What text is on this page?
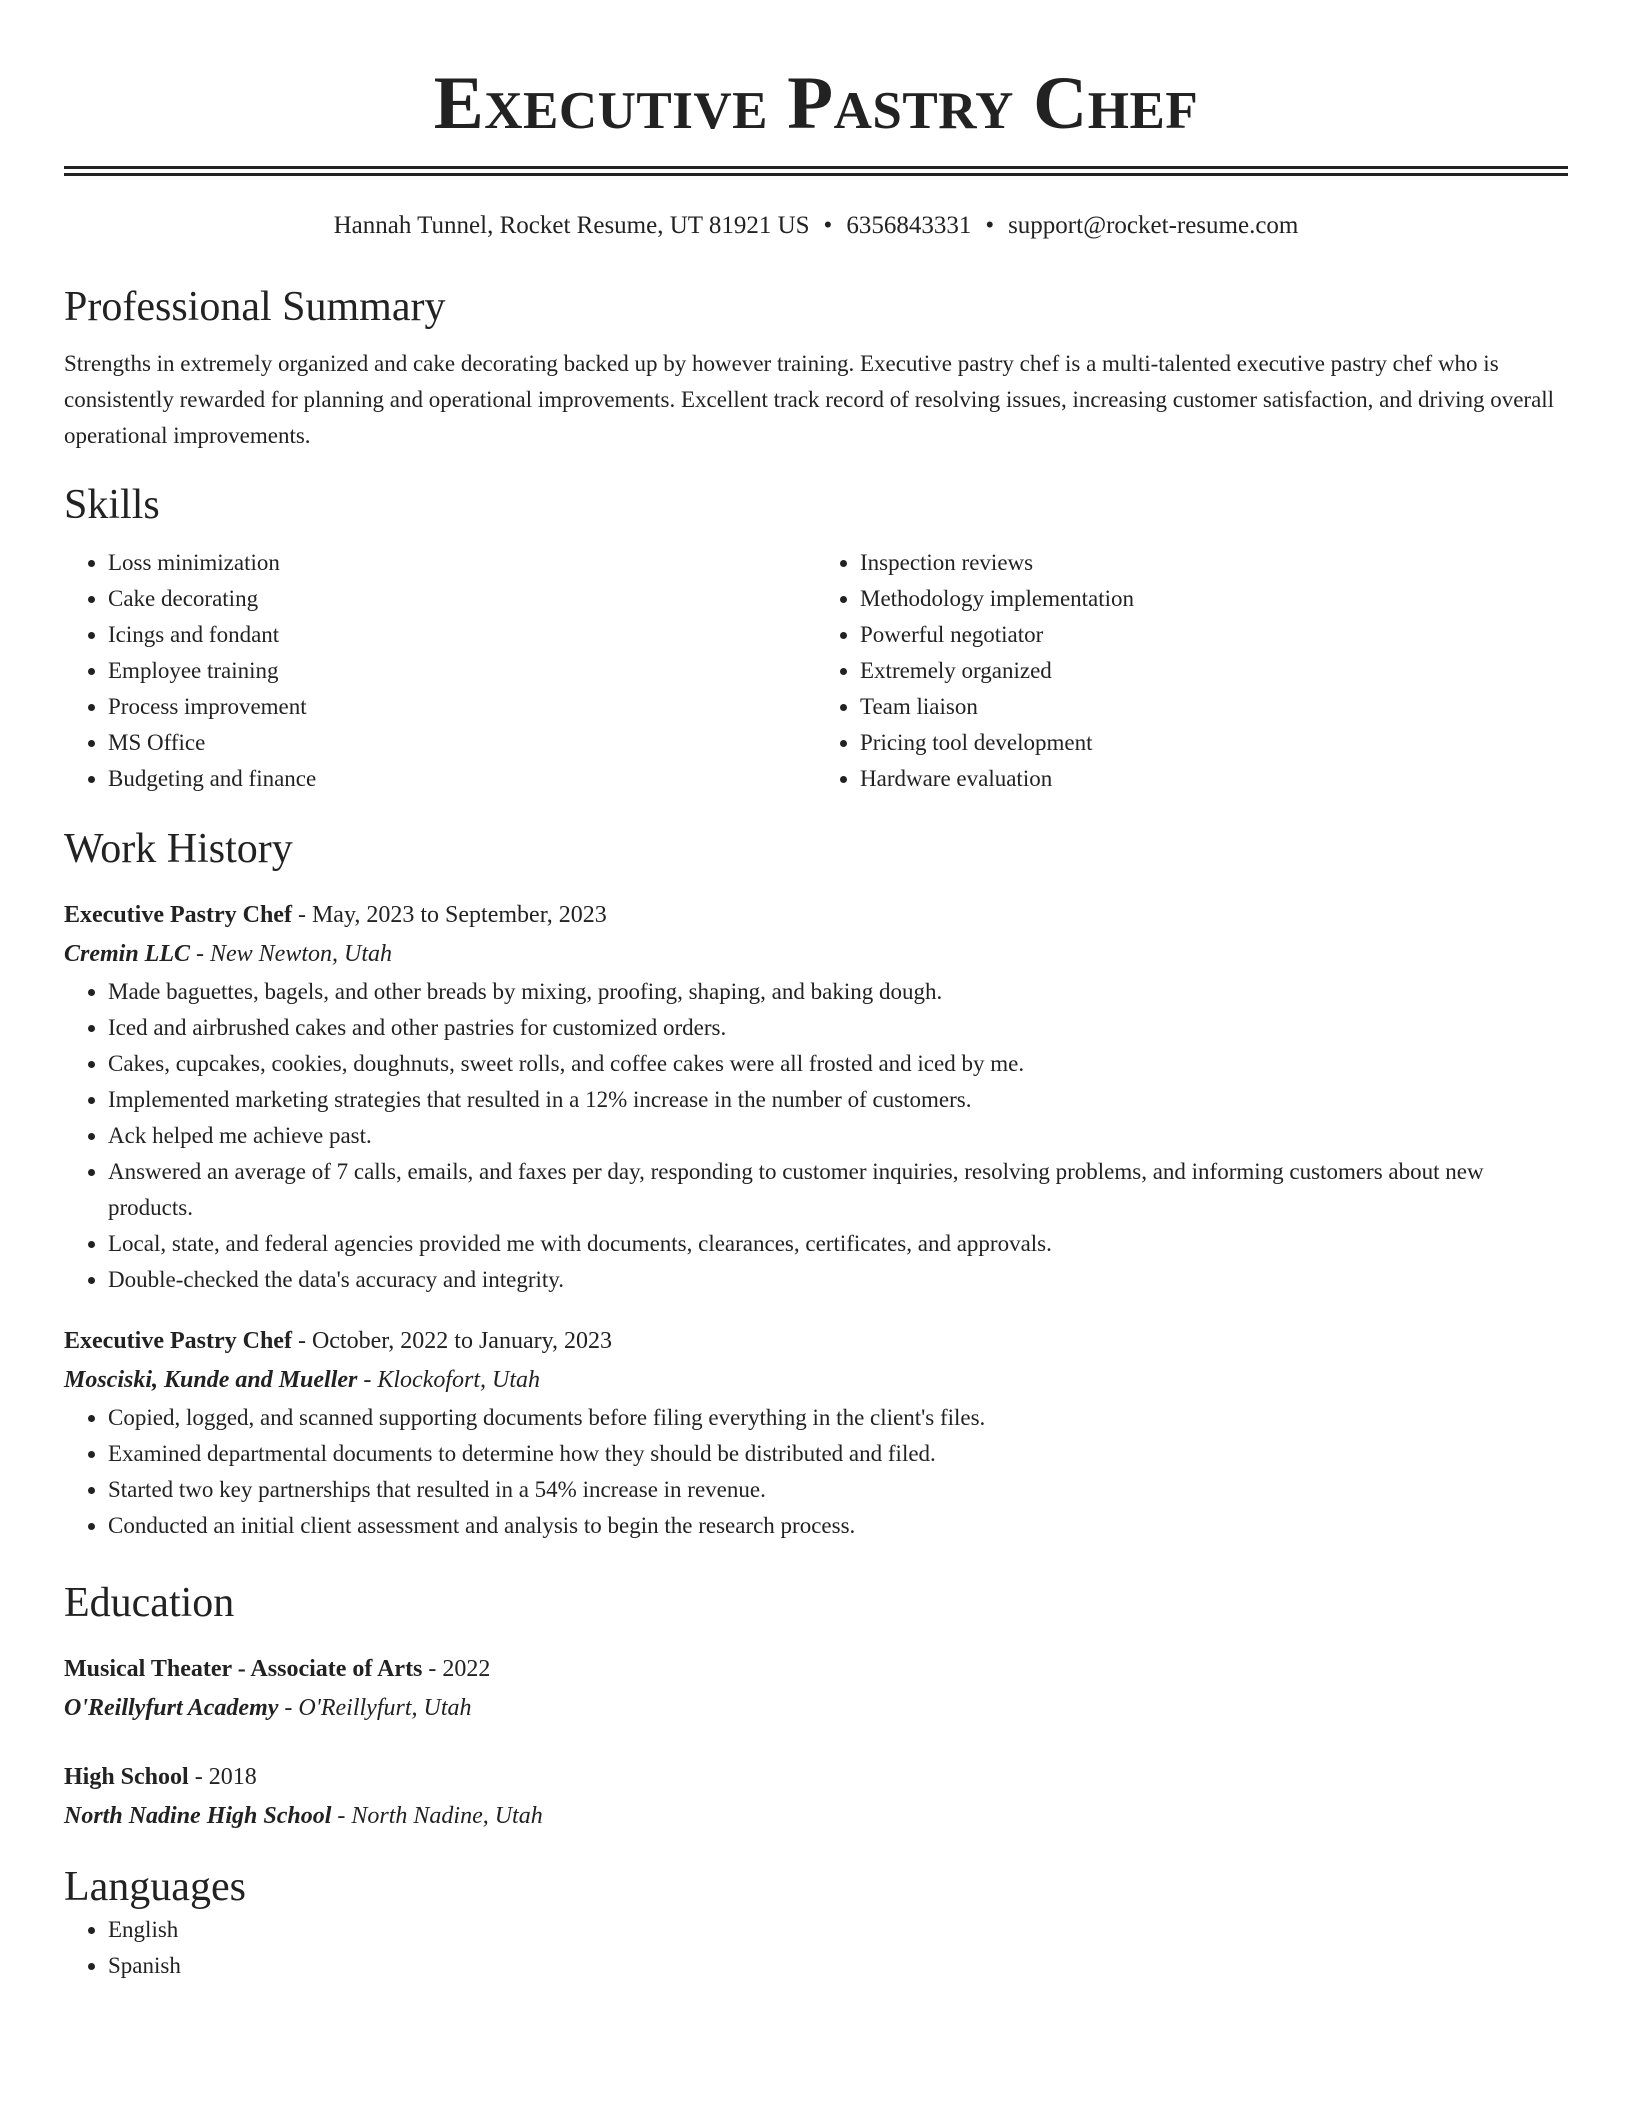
Executive Pastry Chef
Hannah Tunnel, Rocket Resume, UT 81921 US • 6356843331 • support@rocket-resume.com
Professional Summary

Strengths in extremely organized and cake decorating backed up by however training. Executive pastry chef is a multi-talented executive pastry chef who is consistently rewarded for planning and operational improvements. Excellent track record of resolving issues, increasing customer satisfaction, and driving overall operational improvements.

Skills
• Loss minimization
• Cake decorating
• Icings and fondant
• Employee training
• Process improvement
• MS Office
• Budgeting and finance
• Inspection reviews
• Methodology implementation
• Powerful negotiator
• Extremely organized
• Team liaison
• Pricing tool development
• Hardware evaluation
Work History
Executive Pastry Chef - May, 2023 to September, 2023
Cremin LLC - New Newton, Utah
• Made baguettes, bagels, and other breads by mixing, proofing, shaping, and baking dough.
• Iced and airbrushed cakes and other pastries for customized orders.
• Cakes, cupcakes, cookies, doughnuts, sweet rolls, and coffee cakes were all frosted and iced by me.
• Implemented marketing strategies that resulted in a 12% increase in the number of customers.
• Ack helped me achieve past.
• Answered an average of 7 calls, emails, and faxes per day, responding to customer inquiries, resolving problems, and informing customers about new products.
• Local, state, and federal agencies provided me with documents, clearances, certificates, and approvals.
• Double-checked the data's accuracy and integrity.
Executive Pastry Chef - October, 2022 to January, 2023
Mosciski, Kunde and Mueller - Klockofort, Utah
• Copied, logged, and scanned supporting documents before filing everything in the client's files.
• Examined departmental documents to determine how they should be distributed and filed.
• Started two key partnerships that resulted in a 54% increase in revenue.
• Conducted an initial client assessment and analysis to begin the research process.
Education
Musical Theater - Associate of Arts - 2022
O'Reillyfurt Academy - O'Reillyfurt, Utah
High School - 2018
North Nadine High School - North Nadine, Utah
Languages
• English
• Spanish
